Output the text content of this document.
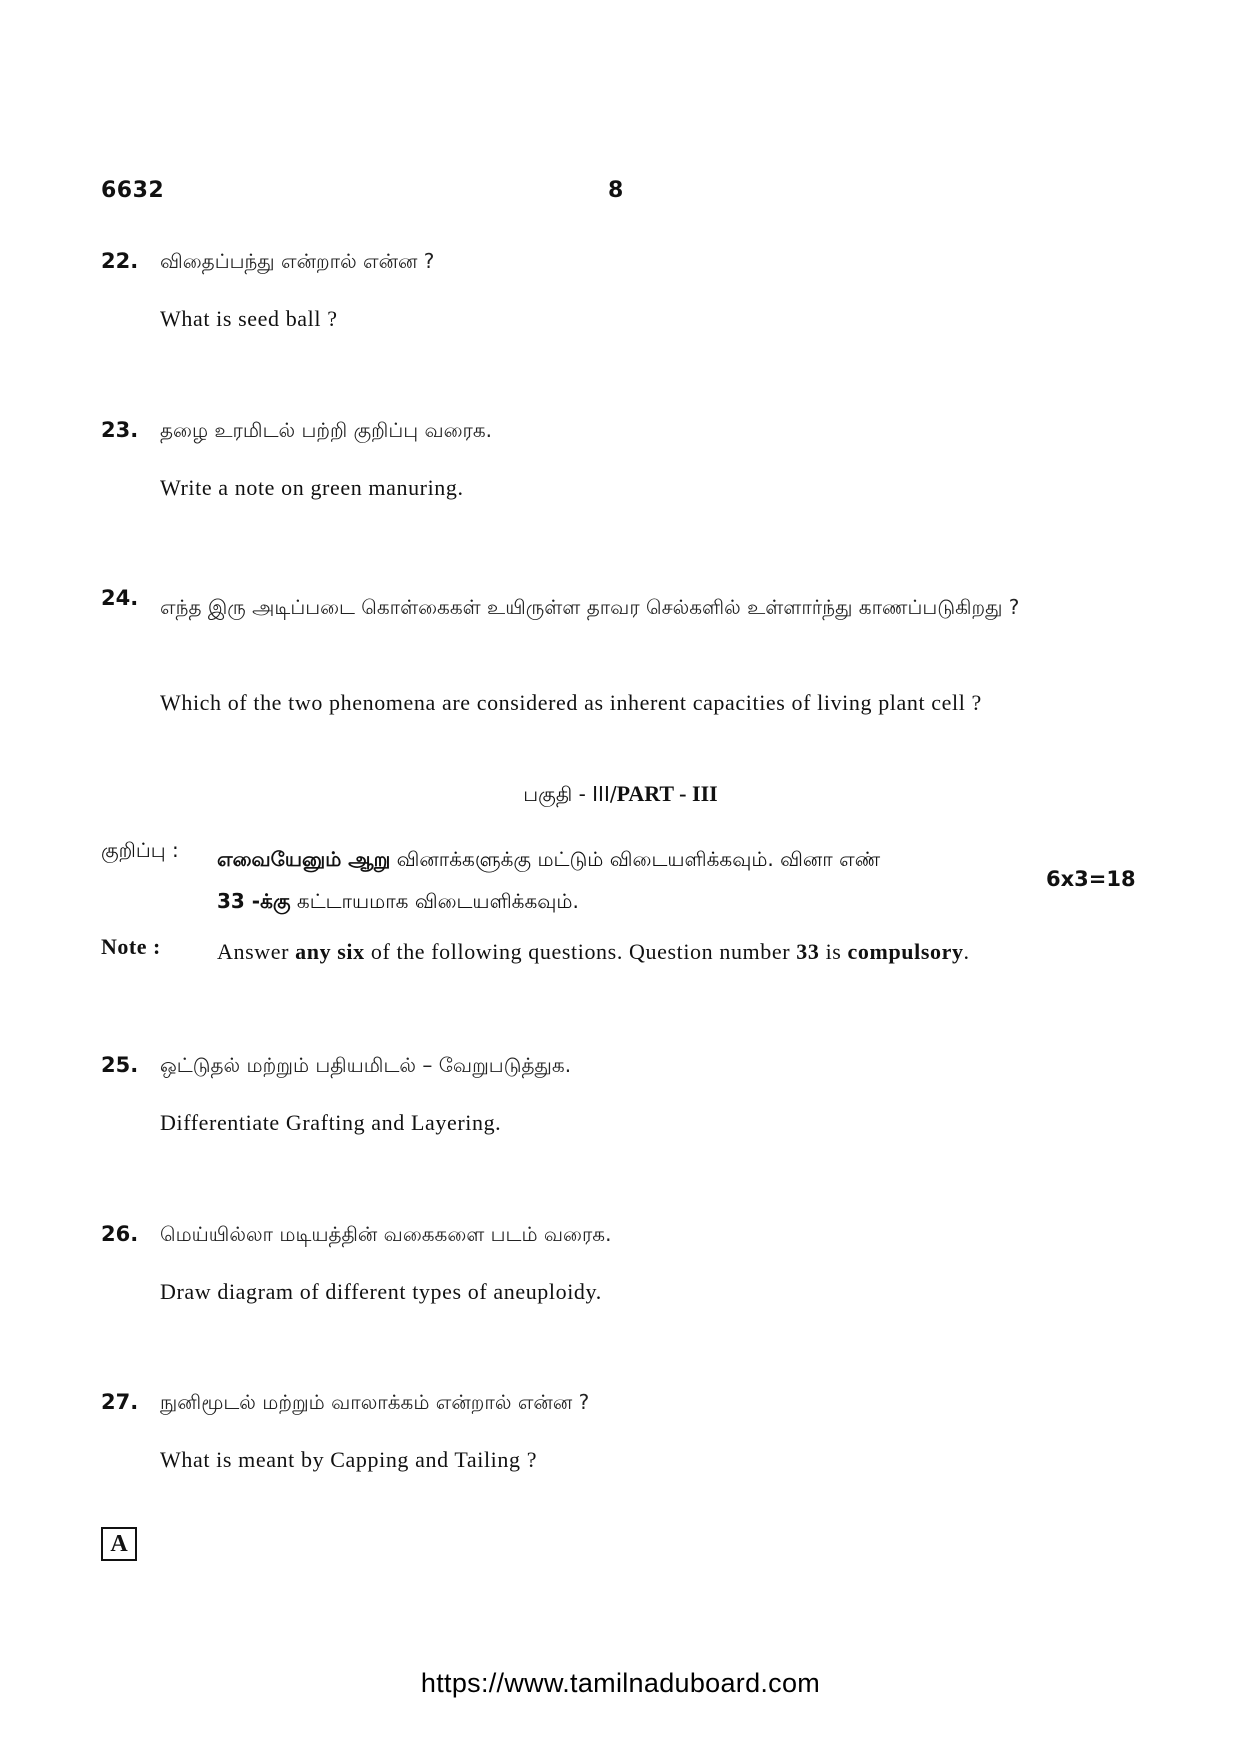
6632	8
22. விதைப்பந்து என்றால் என்ன ?
What is seed ball ?
23. தழை உரமிடல் பற்றி குறிப்பு வரைக.
Write a note on green manuring.
24. எந்த இரு அடிப்படை கொள்கைகள் உயிருள்ள தாவர செல்களில் உள்ளார்ந்து காணப்படுகிறது ?
Which of the two phenomena are considered as inherent capacities of living plant cell ?
பகுதி - III/PART - III
குறிப்பு : எவையேனும் ஆறு வினாக்களுக்கு மட்டும் விடையளிக்கவும். வினா எண்
33 -க்கு கட்டாயமாக விடையளிக்கவும்.
6x3=18
Note :	Answer any six of the following questions. Question number 33 is compulsory.
25. ஒட்டுதல் மற்றும் பதியமிடல் – வேறுபடுத்துக.
Differentiate Grafting and Layering.
26. மெய்யில்லா மடியத்தின் வகைகளை படம் வரைக.
Draw diagram of different types of aneuploidy.
27. நுனிமூடல் மற்றும் வாலாக்கம் என்றால் என்ன ?
What is meant by Capping and Tailing ?
A
https://www.tamilnaduboard.com
